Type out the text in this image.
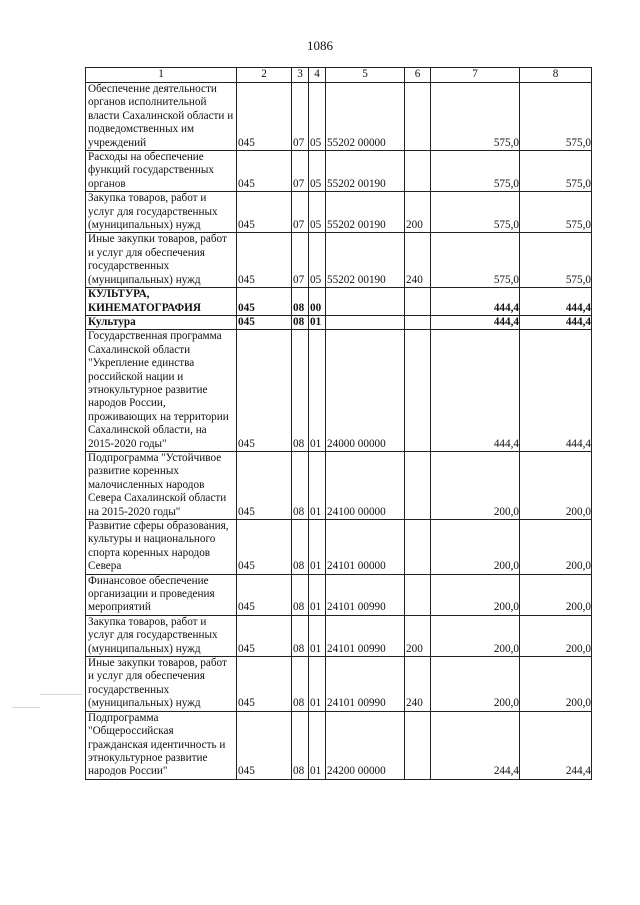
1086
1	2	3	4	5	6	7	8
Обеспечение деятельности органов исполнительной власти Сахалинской области и подведомственных им учреждений	045	07	05	55202 00000		575,0	575,0
Расходы на обеспечение функций государственных органов	045	07	05	55202 00190		575,0	575,0
Закупка товаров, работ и услуг для государственных (муниципальных) нужд	045	07	05	55202 00190	200	575,0	575,0
Иные закупки товаров, работ и услуг для обеспечения государственных (муниципальных) нужд	045	07	05	55202 00190	240	575,0	575,0
КУЛЬТУРА, КИНЕМАТОГРАФИЯ	045	08	00			444,4	444,4
Культура	045	08	01			444,4	444,4
Государственная программа Сахалинской области "Укрепление единства российской нации и этнокультурное развитие народов России, проживающих на территории Сахалинской области, на 2015-2020 годы"	045	08	01	24000 00000		444,4	444,4
Подпрограмма "Устойчивое развитие коренных малочисленных народов Севера Сахалинской области на 2015-2020 годы"	045	08	01	24100 00000		200,0	200,0
Развитие сферы образования, культуры и национального спорта коренных народов Севера	045	08	01	24101 00000		200,0	200,0
Финансовое обеспечение организации и проведения мероприятий	045	08	01	24101 00990		200,0	200,0
Закупка товаров, работ и услуг для государственных (муниципальных) нужд	045	08	01	24101 00990	200	200,0	200,0
Иные закупки товаров, работ и услуг для обеспечения государственных (муниципальных) нужд	045	08	01	24101 00990	240	200,0	200,0
Подпрограмма "Общероссийская гражданская идентичность и этнокультурное развитие народов России"	045	08	01	24200 00000		244,4	244,4
